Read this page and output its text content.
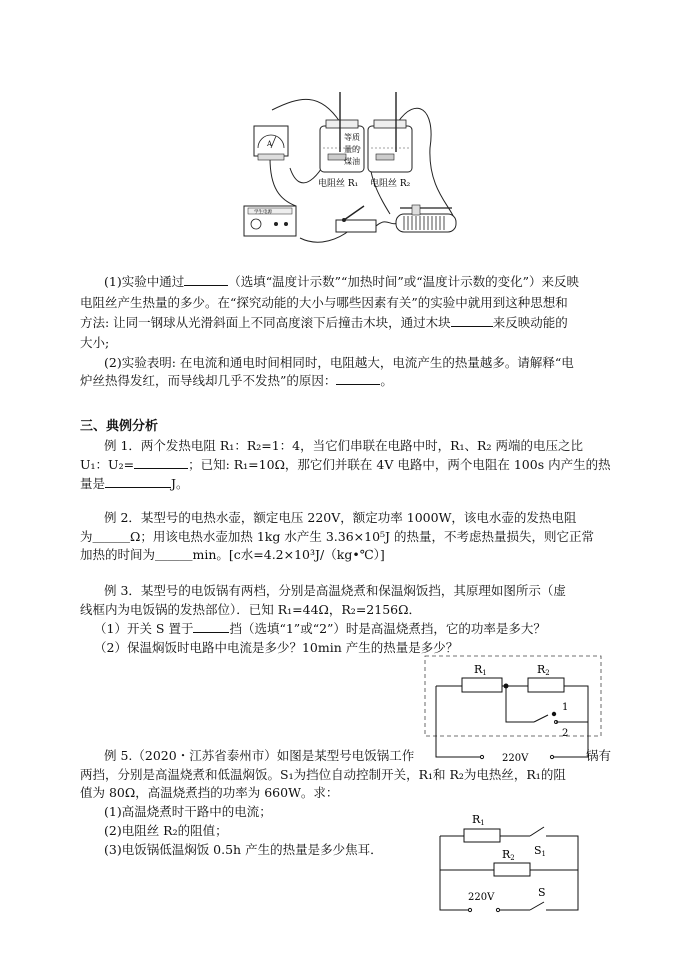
A
等质
量的
煤油
电阻丝 R₁ 电阻丝 R₂
学生电源
(1)实验中通过	（选填“温度计示数”“加热时间”或“温度计示数的变化”）来反映
电阻丝产生热量的多少。在“探究动能的大小与哪些因素有关”的实验中就用到这种思想和
方法: 让同一钢球从光滑斜面上不同高度滚下后撞击木块，通过木块	来反映动能的
大小;
(2)实验表明: 在电流和通电时间相同时，电阻越大，电流产生的热量越多。请解释“电
炉丝热得发红，而导线却几乎不发热”的原因：	。
三、典例分析
例 1．两个发热电阻 R₁：R₂=1：4，当它们串联在电路中时，R₁、R₂ 两端的电压之比
U₁：U₂=	；已知: R₁=10Ω，那它们并联在 4V 电路中，两个电阻在 100s 内产生的热
量是	J。
例 2．某型号的电热水壶，额定电压 220V，额定功率 1000W，该电水壶的发热电阻
为＿＿＿Ω；用该电热水壶加热 1kg 水产生 3.36×10⁵J 的热量，不考虑热量损失，则它正常
加热的时间为＿＿＿min。[c水=4.2×10³J/（kg•℃）]
例 3．某型号的电饭锅有两档，分别是高温烧煮和保温焖饭挡，其原理如图所示（虚
线框内为电饭锅的发热部位）．已知 R₁=44Ω，R₂=2156Ω．
（1）开关 S 置于	挡（选填“1”或“2”）时是高温烧煮挡，它的功率是多大？
（2）保温焖饭时电路中电流是多少？10min 产生的热量是多少？
R1	R2
1
2
220V
例 5.（2020・江苏省泰州市）如图是某型号电饭锅工作	锅有
两挡，分别是高温烧煮和低温焖饭。S₁为挡位自动控制开关，R₁和 R₂为电热丝，R₁的阻
值为 80Ω，高温烧煮挡的功率为 660W。求：
(1)高温烧煮时干路中的电流；
(2)电阻丝 R₂的阻值；
(3)电饭锅低温焖饭 0.5h 产生的热量是多少焦耳．
R1
R2
S1
S
220V
